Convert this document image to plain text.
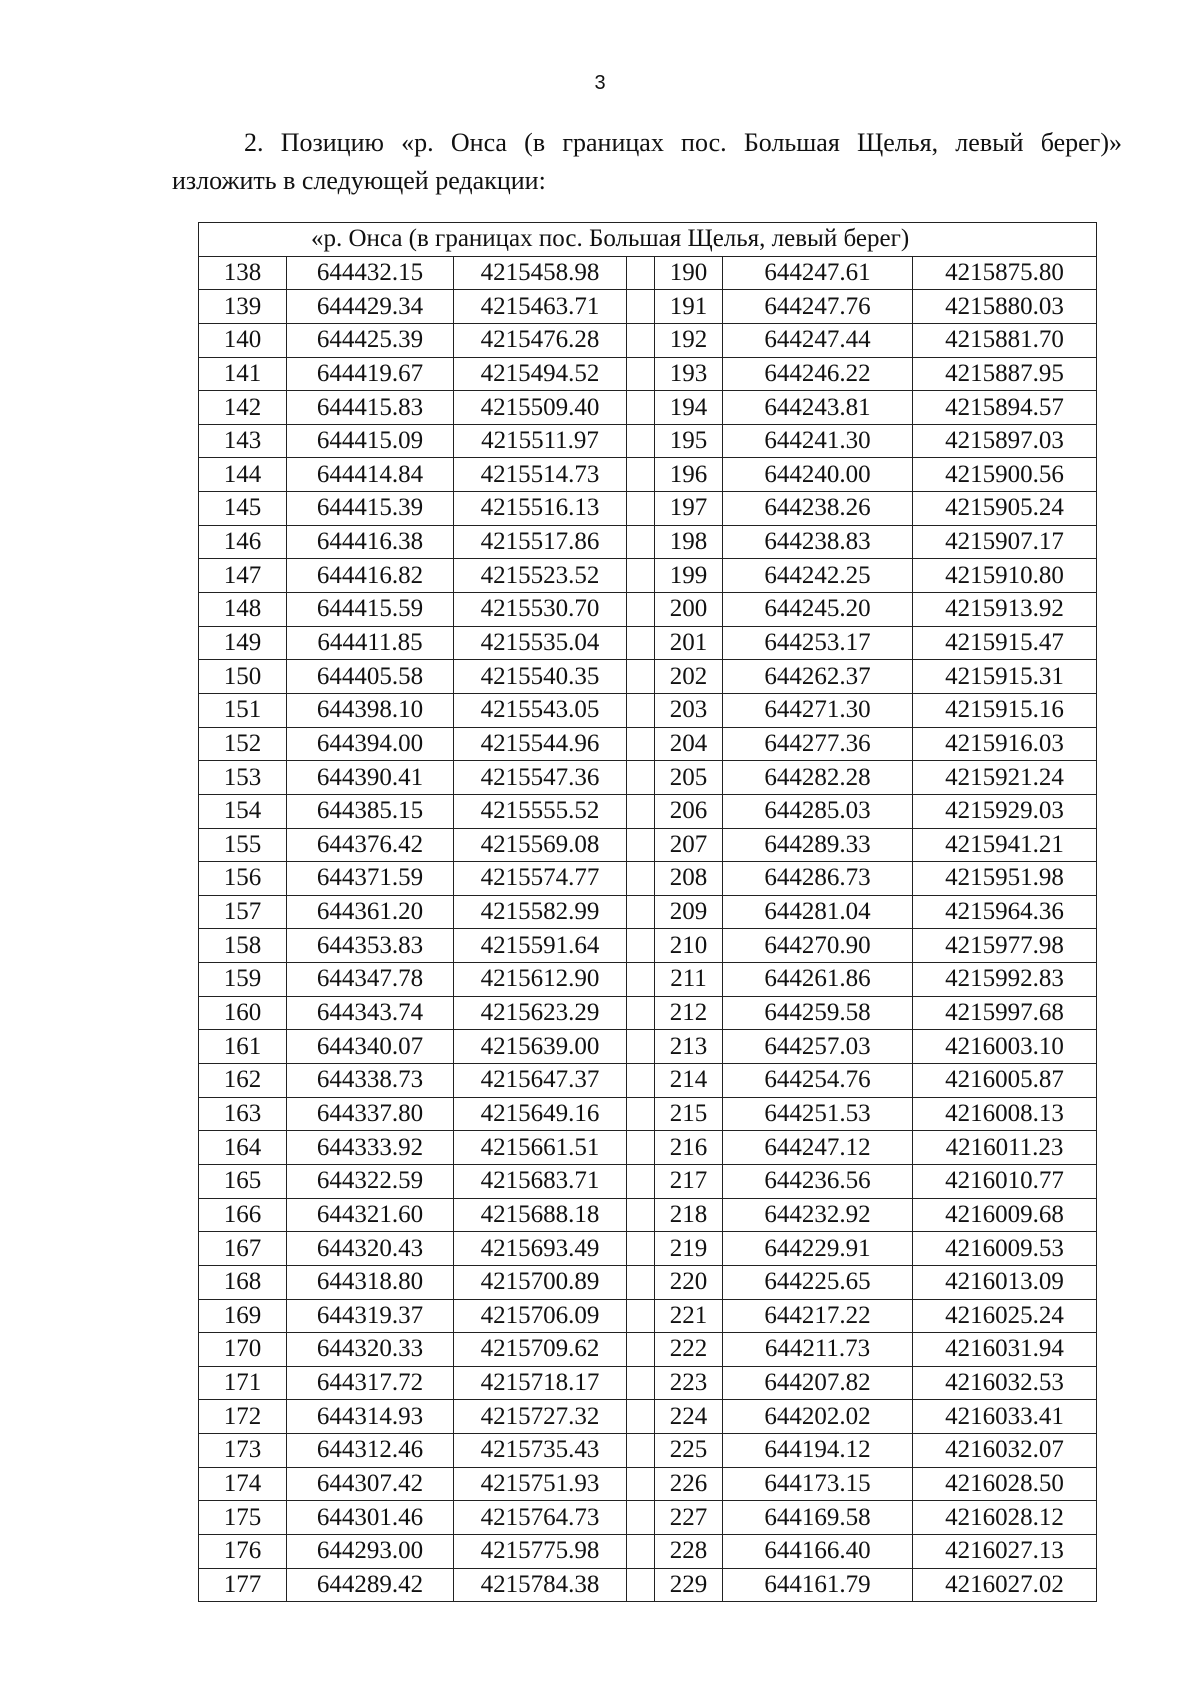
3
2. Позицию «р. Онса (в границах пос. Большая Щелья, левый берег)»
изложить в следующей редакции:
«р. Онса (в границах пос. Большая Щелья, левый берег)						
138	644432.15	4215458.98		190	644247.61	4215875.80
139	644429.34	4215463.71		191	644247.76	4215880.03
140	644425.39	4215476.28		192	644247.44	4215881.70
141	644419.67	4215494.52		193	644246.22	4215887.95
142	644415.83	4215509.40		194	644243.81	4215894.57
143	644415.09	4215511.97		195	644241.30	4215897.03
144	644414.84	4215514.73		196	644240.00	4215900.56
145	644415.39	4215516.13		197	644238.26	4215905.24
146	644416.38	4215517.86		198	644238.83	4215907.17
147	644416.82	4215523.52		199	644242.25	4215910.80
148	644415.59	4215530.70		200	644245.20	4215913.92
149	644411.85	4215535.04		201	644253.17	4215915.47
150	644405.58	4215540.35		202	644262.37	4215915.31
151	644398.10	4215543.05		203	644271.30	4215915.16
152	644394.00	4215544.96		204	644277.36	4215916.03
153	644390.41	4215547.36		205	644282.28	4215921.24
154	644385.15	4215555.52		206	644285.03	4215929.03
155	644376.42	4215569.08		207	644289.33	4215941.21
156	644371.59	4215574.77		208	644286.73	4215951.98
157	644361.20	4215582.99		209	644281.04	4215964.36
158	644353.83	4215591.64		210	644270.90	4215977.98
159	644347.78	4215612.90		211	644261.86	4215992.83
160	644343.74	4215623.29		212	644259.58	4215997.68
161	644340.07	4215639.00		213	644257.03	4216003.10
162	644338.73	4215647.37		214	644254.76	4216005.87
163	644337.80	4215649.16		215	644251.53	4216008.13
164	644333.92	4215661.51		216	644247.12	4216011.23
165	644322.59	4215683.71		217	644236.56	4216010.77
166	644321.60	4215688.18		218	644232.92	4216009.68
167	644320.43	4215693.49		219	644229.91	4216009.53
168	644318.80	4215700.89		220	644225.65	4216013.09
169	644319.37	4215706.09		221	644217.22	4216025.24
170	644320.33	4215709.62		222	644211.73	4216031.94
171	644317.72	4215718.17		223	644207.82	4216032.53
172	644314.93	4215727.32		224	644202.02	4216033.41
173	644312.46	4215735.43		225	644194.12	4216032.07
174	644307.42	4215751.93		226	644173.15	4216028.50
175	644301.46	4215764.73		227	644169.58	4216028.12
176	644293.00	4215775.98		228	644166.40	4216027.13
177	644289.42	4215784.38		229	644161.79	4216027.02
